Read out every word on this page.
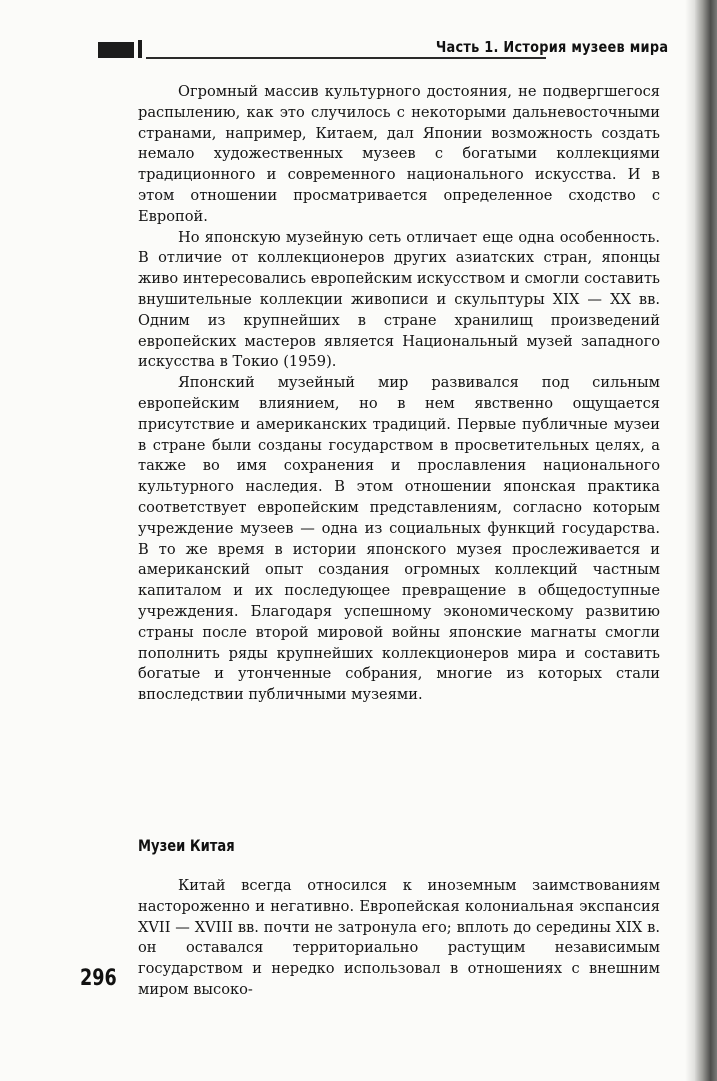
Часть 1. История музеев мира

Огромный массив культурного достояния, не подвергшегося распылению, как это случилось с некоторыми дальневосточными странами, например, Китаем, дал Японии возможность создать немало художественных музеев с богатыми коллекциями традиционного и современного национального искусства. И в этом отношении просматривается определенное сходство с Европой.

Но японскую музейную сеть отличает еще одна особенность. В отличие от коллекционеров других азиатских стран, японцы живо интересовались европейским искусством и смогли составить внушительные коллекции живописи и скульптуры XIX — XX вв. Одним из крупнейших в стране хранилищ произведений европейских мастеров является Национальный музей западного искусства в Токио (1959).

Японский музейный мир развивался под сильным европейским влиянием, но в нем явственно ощущается присутствие и американских традиций. Первые публичные музеи в стране были созданы государством в просветительных целях, а также во имя сохранения и прославления национального культурного наследия. В этом отношении японская практика соответствует европейским представлениям, согласно которым учреждение музеев — одна из социальных функций государства. В то же время в истории японского музея прослеживается и американский опыт создания огромных коллекций частным капиталом и их последующее превращение в общедоступные учреждения. Благодаря успешному экономическому развитию страны после второй мировой войны японские магнаты смогли пополнить ряды крупнейших коллекционеров мира и составить богатые и утонченные собрания, многие из которых стали впоследствии публичными музеями.

Музеи Китая

Китай всегда относился к иноземным заимствованиям настороженно и негативно. Европейская колониальная экспансия XVII — XVIII вв. почти не затронула его; вплоть до середины XIX в. он оставался территориально растущим независимым государством и нередко использовал в отношениях с внешним миром высоко-

296
